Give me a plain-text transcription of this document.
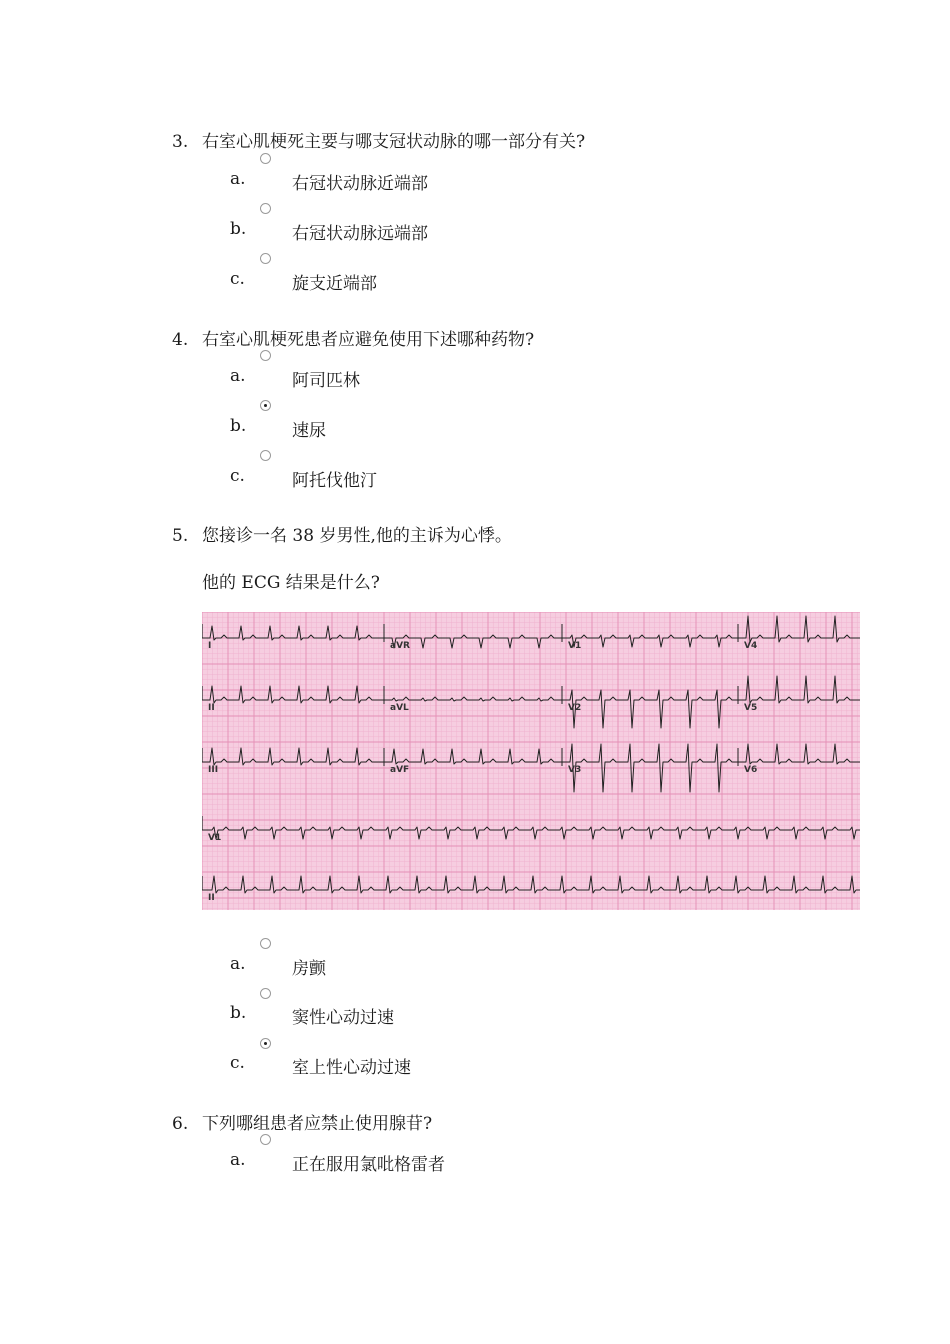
3. 右室心肌梗死主要与哪支冠状动脉的哪一部分有关?
a.	右冠状动脉近端部
b.	右冠状动脉远端部
c.	旋支近端部
4. 右室心肌梗死患者应避免使用下述哪种药物?
a.	阿司匹林
b.	速尿
c.	阿托伐他汀
5. 您接诊一名 38 岁男性,他的主诉为心悸。
他的 ECG 结果是什么?
I	aVR	V1	V4
II	aVL	V2	V5
III	aVF	V3	V6
V1
II
a.	房颤
b.	窦性心动过速
c.	室上性心动过速
6. 下列哪组患者应禁止使用腺苷?
a.	正在服用氯吡格雷者
